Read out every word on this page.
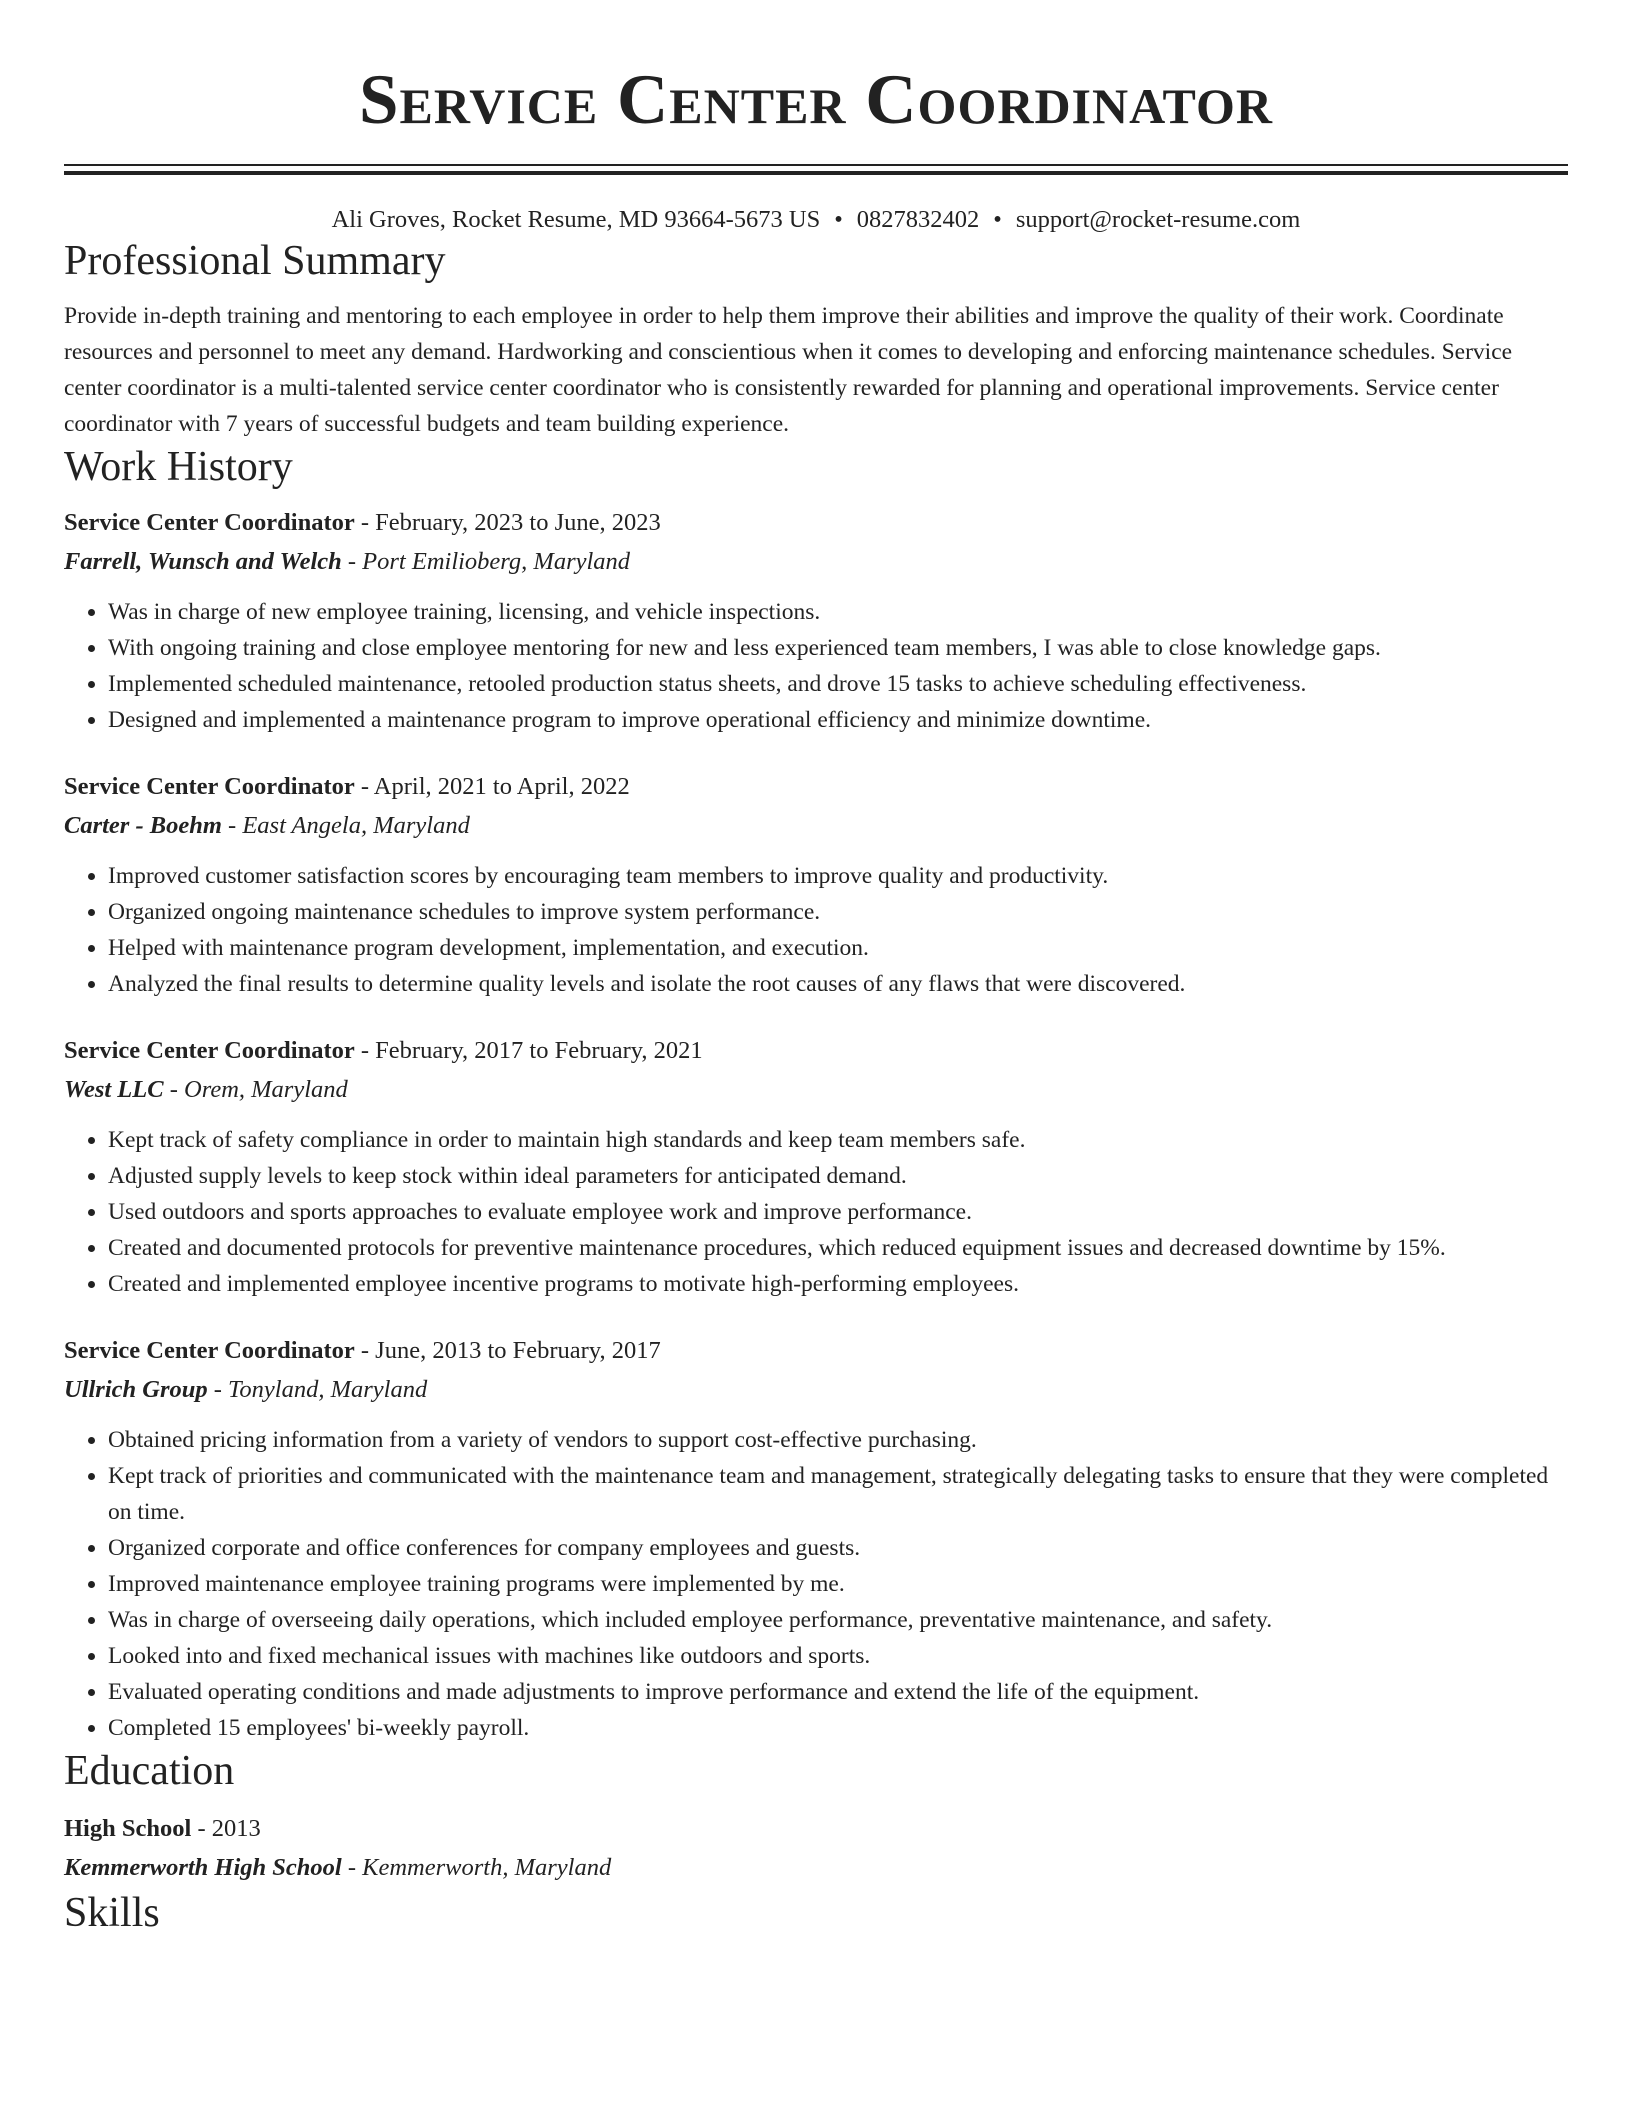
Service Center Coordinator
Ali Groves, Rocket Resume, MD 93664-5673 US • 0827832402 • support@rocket-resume.com
Professional Summary
Provide in-depth training and mentoring to each employee in order to help them improve their abilities and improve the quality of their work. Coordinate resources and personnel to meet any demand. Hardworking and conscientious when it comes to developing and enforcing maintenance schedules. Service center coordinator is a multi-talented service center coordinator who is consistently rewarded for planning and operational improvements. Service center coordinator with 7 years of successful budgets and team building experience.
Work History
Service Center Coordinator - February, 2023 to June, 2023
Farrell, Wunsch and Welch - Port Emilioberg, Maryland
• Was in charge of new employee training, licensing, and vehicle inspections.
• With ongoing training and close employee mentoring for new and less experienced team members, I was able to close knowledge gaps.
• Implemented scheduled maintenance, retooled production status sheets, and drove 15 tasks to achieve scheduling effectiveness.
• Designed and implemented a maintenance program to improve operational efficiency and minimize downtime.
Service Center Coordinator - April, 2021 to April, 2022
Carter - Boehm - East Angela, Maryland
• Improved customer satisfaction scores by encouraging team members to improve quality and productivity.
• Organized ongoing maintenance schedules to improve system performance.
• Helped with maintenance program development, implementation, and execution.
• Analyzed the final results to determine quality levels and isolate the root causes of any flaws that were discovered.
Service Center Coordinator - February, 2017 to February, 2021
West LLC - Orem, Maryland
• Kept track of safety compliance in order to maintain high standards and keep team members safe.
• Adjusted supply levels to keep stock within ideal parameters for anticipated demand.
• Used outdoors and sports approaches to evaluate employee work and improve performance.
• Created and documented protocols for preventive maintenance procedures, which reduced equipment issues and decreased downtime by 15%.
• Created and implemented employee incentive programs to motivate high-performing employees.
Service Center Coordinator - June, 2013 to February, 2017
Ullrich Group - Tonyland, Maryland
• Obtained pricing information from a variety of vendors to support cost-effective purchasing.
• Kept track of priorities and communicated with the maintenance team and management, strategically delegating tasks to ensure that they were completed on time.
• Organized corporate and office conferences for company employees and guests.
• Improved maintenance employee training programs were implemented by me.
• Was in charge of overseeing daily operations, which included employee performance, preventative maintenance, and safety.
• Looked into and fixed mechanical issues with machines like outdoors and sports.
• Evaluated operating conditions and made adjustments to improve performance and extend the life of the equipment.
• Completed 15 employees' bi-weekly payroll.
Education
High School - 2013
Kemmerworth High School - Kemmerworth, Maryland
Skills
